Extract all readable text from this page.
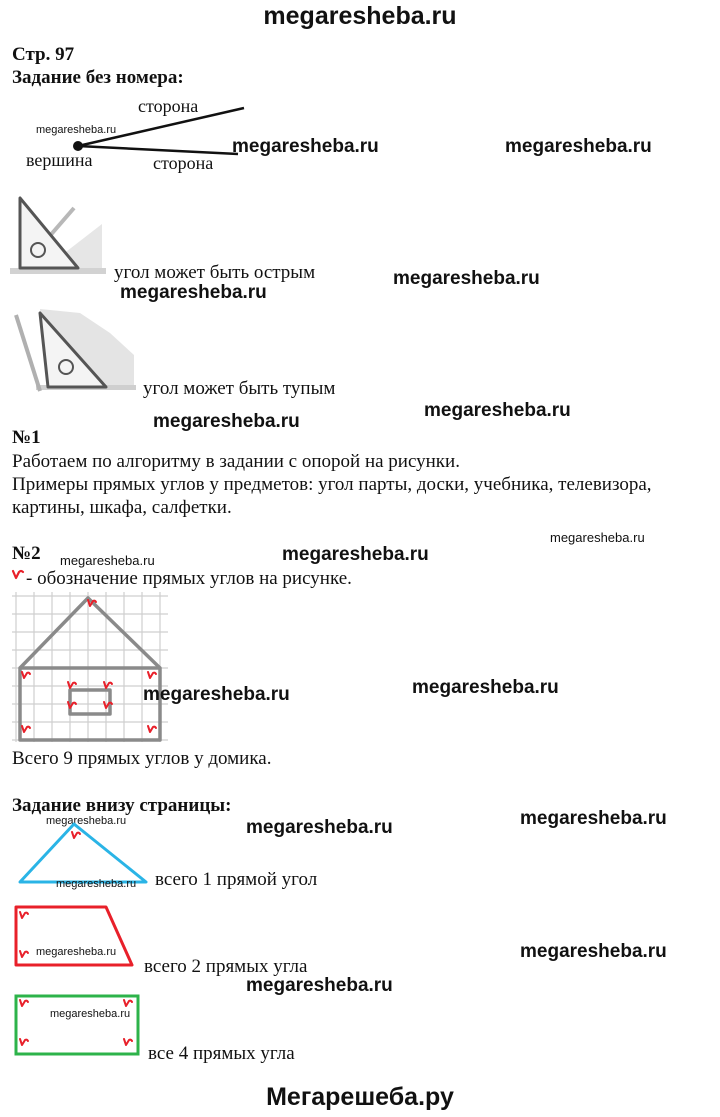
megaresheba.ru
Стр. 97
Задание без номера:
сторона
сторона
вершина
megaresheba.ru
megaresheba.ru	megaresheba.ru
угол может быть острым
megaresheba.ru
megaresheba.ru
угол может быть тупым
megaresheba.ru
megaresheba.ru
№1
Работаем по алгоритму в задании с опорой на рисунки.
Примеры прямых углов у предметов: угол парты, доски, учебника, телевизора,
картины, шкафа, салфетки.
megaresheba.ru
№2 megaresheba.ru	megaresheba.ru
- обозначение прямых углов на рисунке.
megaresheba.ru	megaresheba.ru
Всего 9 прямых углов у домика.
Задание внизу страницы:
megaresheba.ru	megaresheba.ru	megaresheba.ru
megaresheba.ru всего 1 прямой угол
megaresheba.ru
всего 2 прямых угла
megaresheba.ru
megaresheba.ru
megaresheba.ru
все 4 прямых угла
Мегарешеба.ру
